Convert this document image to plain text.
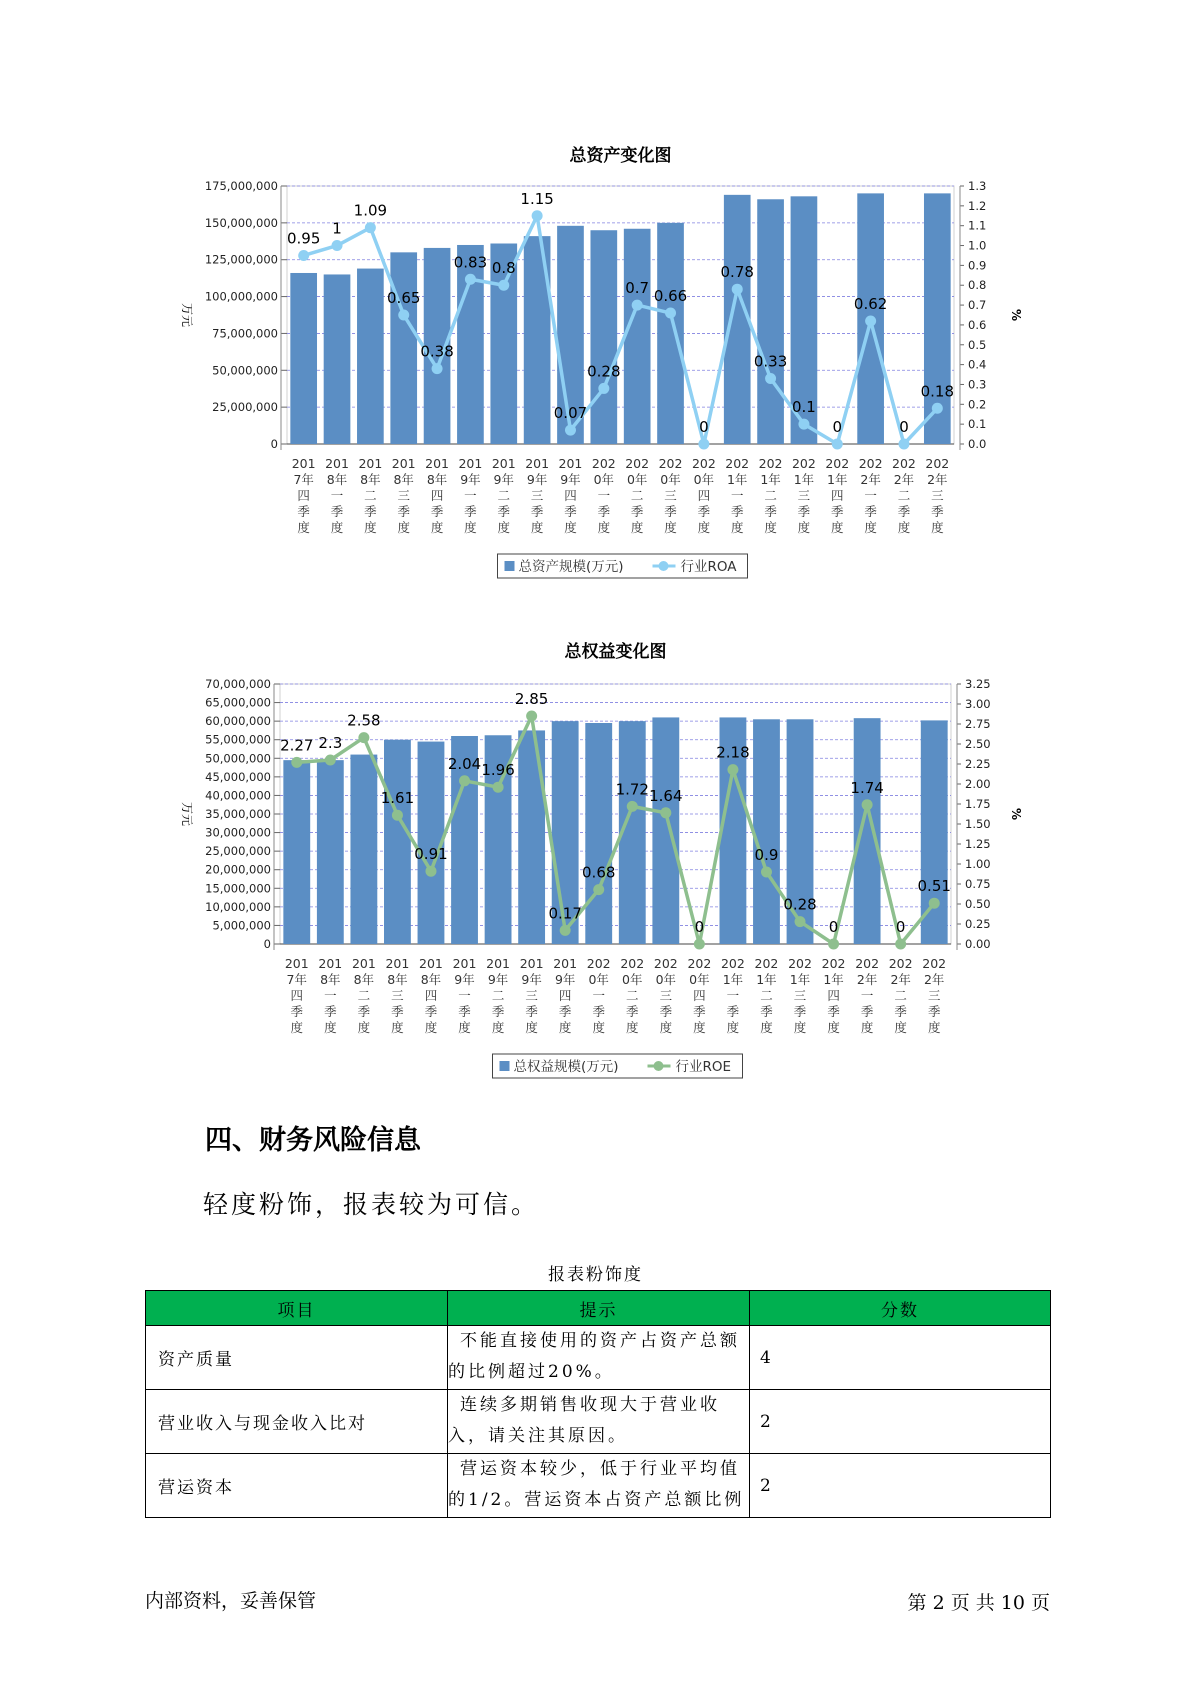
总资产变化图
0
25,000,000
50,000,000
75,000,000
100,000,000
125,000,000
150,000,000
175,000,000
0.0
0.1
0.2
0.3
0.4
0.5
0.6
0.7
0.8
0.9
1.0
1.1
1.2
1.3
万元	%
201
7年
四
季
度
201
8年
一
季
度
201
8年
二
季
度
201
8年
三
季
度
201
8年
四
季
度
201
9年
一
季
度
201
9年
二
季
度
201
9年
三
季
度
201
9年
四
季
度
202
0年
一
季
度
202
0年
二
季
度
202
0年
三
季
度
202
0年
四
季
度
202
1年
一
季
度
202
1年
二
季
度
202
1年
三
季
度
202
1年
四
季
度
202
2年
一
季
度
202
2年
二
季
度
202
2年
三
季
度
0.95
1
1.09
0.65
0.38
0.83 0.8
1.15
0.07
0.28
0.7 0.66
0
0.78
0.33
0.1
0
0.62
0
0.18
总资产规模(万元)	行业ROA
总权益变化图
0
5,000,000
10,000,000
15,000,000
20,000,000
25,000,000
30,000,000
35,000,000
40,000,000
45,000,000
50,000,000
55,000,000
60,000,000
65,000,000
70,000,000
0.00
0.25
0.50
0.75
1.00
1.25
1.50
1.75
2.00
2.25
2.50
2.75
3.00
3.25
万元	%
201
7年
四
季
度
201
8年
一
季
度
201
8年
二
季
度
201
8年
三
季
度
201
8年
四
季
度
201
9年
一
季
度
201
9年
二
季
度
201
9年
三
季
度
201
9年
四
季
度
202
0年
一
季
度
202
0年
二
季
度
202
0年
三
季
度
202
0年
四
季
度
202
1年
一
季
度
202
1年
二
季
度
202
1年
三
季
度
202
1年
四
季
度
202
2年
一
季
度
202
2年
二
季
度
202
2年
三
季
度
2.27 2.3
2.58
1.61
0.91
2.04 1.96
2.85
0.17
0.68
1.72 1.64
0
2.18
0.9
0.28
0
1.74
0
0.51
总权益规模(万元)	行业ROE
四、财务风险信息
轻度粉饰，报表较为可信。
报表粉饰度
项目	提示	分数
资产质量	不能直接使用的资产占资产总额的比例超过20%。	4
营业收入与现金收入比对	连续多期销售收现大于营业收入，请关注其原因。	2
营运资本	营运资本较少，低于行业平均值的1/2。营运资本占资产总额比例	2
内部资料，妥善保管	第 2 页 共 10 页
